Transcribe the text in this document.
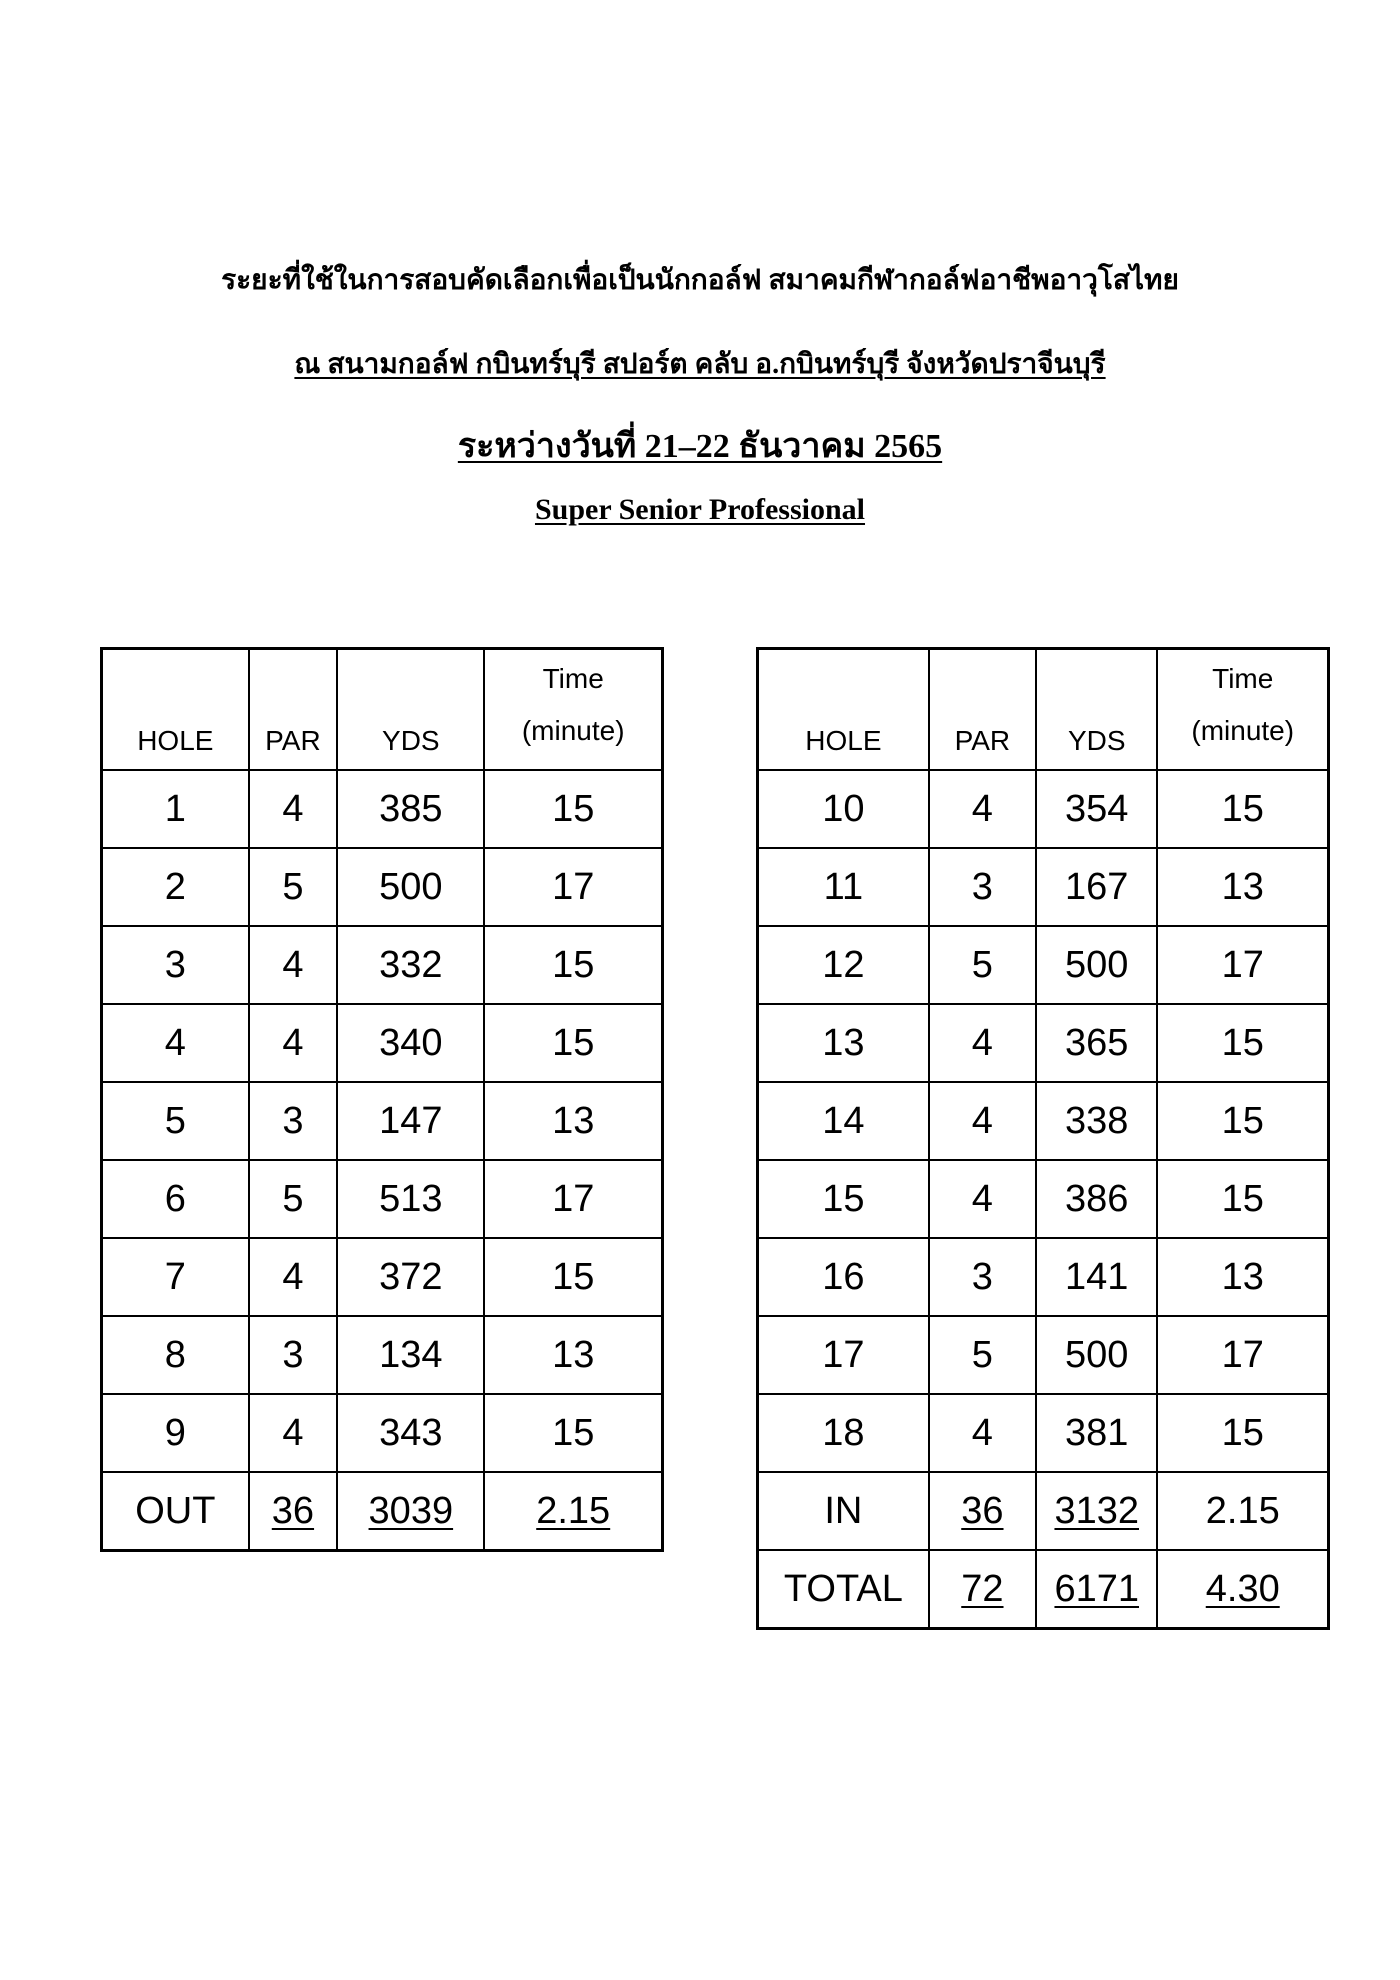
ระยะที่ใช้ในการสอบคัดเลือกเพื่อเป็นนักกอล์ฟ สมาคมกีฬากอล์ฟอาชีพอาวุโสไทย
ณ สนามกอล์ฟ กบินทร์บุรี สปอร์ต คลับ อ.กบินทร์บุรี จังหวัดปราจีนบุรี
ระหว่างวันที่ 21–22 ธันวาคม 2565
Super Senior Professional
HOLE	PAR	YDS	Time
(minute)
1	4	385	15
2	5	500	17
3	4	332	15
4	4	340	15
5	3	147	13
6	5	513	17
7	4	372	15
8	3	134	13
9	4	343	15
OUT	36	3039	2.15
HOLE	PAR	YDS	Time
(minute)
10	4	354	15
11	3	167	13
12	5	500	17
13	4	365	15
14	4	338	15
15	4	386	15
16	3	141	13
17	5	500	17
18	4	381	15
IN	36	3132	2.15
TOTAL	72	6171	4.30
